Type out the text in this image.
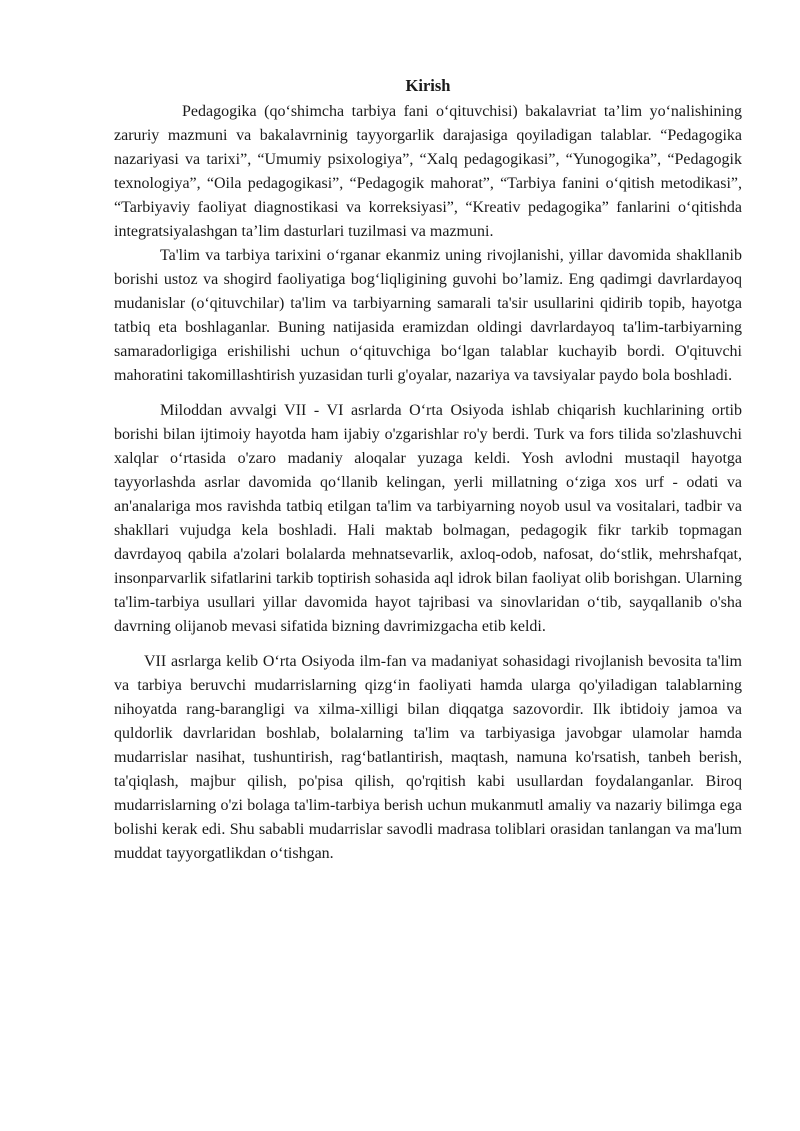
Kirish

Pedagogika (qo‘shimcha tarbiya fani o‘qituvchisi) bakalavriat ta’lim yo‘nalishining zaruriy mazmuni va bakalavrninig tayyorgarlik darajasiga qoyiladigan talablar. “Pedagogika nazariyasi va tarixi”, “Umumiy psixologiya”, “Xalq pedagogikasi”, “Yunogogika”, “Pedagogik texnologiya”, “Oila pedagogikasi”, “Pedagogik mahorat”, “Tarbiya fanini o‘qitish metodikasi”, “Tarbiyaviy faoliyat diagnostikasi va korreksiyasi”, “Kreativ pedagogika” fanlarini o‘qitishda integratsiyalashgan ta’lim dasturlari tuzilmasi va mazmuni.

Ta'lim va tarbiya tarixini o‘rganar ekanmiz uning rivojlanishi, yillar davomida shakllanib borishi ustoz va shogird faoliyatiga bog‘liqligining guvohi bo’lamiz. Eng qadimgi davrlardayoq mudanislar (o‘qituvchilar) ta'lim va tarbiyarning samarali ta'sir usullarini qidirib topib, hayotga tatbiq eta boshlaganlar. Buning natijasida eramizdan oldingi davrlardayoq ta'lim-tarbiyarning samaradorligiga erishilishi uchun o‘qituvchiga bo‘lgan talablar kuchayib bordi. O'qituvchi mahoratini takomillashtirish yuzasidan turli g'oyalar, nazariya va tavsiyalar paydo bola boshladi.

Miloddan avvalgi VII - VI asrlarda O‘rta Osiyoda ishlab chiqarish kuchlarining ortib borishi bilan ijtimoiy hayotda ham ijabiy o'zgarishlar ro'y berdi. Turk va fors tilida so'zlashuvchi xalqlar o‘rtasida o'zaro madaniy aloqalar yuzaga keldi. Yosh avlodni mustaqil hayotga tayyorlashda asrlar davomida qo‘llanib kelingan, yerli millatning o‘ziga xos urf - odati va an'analariga mos ravishda tatbiq etilgan ta'lim va tarbiyarning noyob usul va vositalari, tadbir va shakllari vujudga kela boshladi. Hali maktab bolmagan, pedagogik fikr tarkib topmagan davrdayoq qabila a'zolari bolalarda mehnatsevarlik, axloq-odob, nafosat, do‘stlik, mehrshafqat, insonparvarlik sifatlarini tarkib toptirish sohasida aql idrok bilan faoliyat olib borishgan. Ularning ta'lim-tarbiya usullari yillar davomida hayot tajribasi va sinovlaridan o‘tib, sayqallanib o'sha davrning olijanob mevasi sifatida bizning davrimizgacha etib keldi.

VII asrlarga kelib O‘rta Osiyoda ilm-fan va madaniyat sohasidagi rivojlanish bevosita ta'lim va tarbiya beruvchi mudarrislarning qizg‘in faoliyati hamda ularga qo'yiladigan talablarning nihoyatda rang-barangligi va xilma-xilligi bilan diqqatga sazovordir. Ilk ibtidoiy jamoa va quldorlik davrlaridan boshlab, bolalarning ta'lim va tarbiyasiga javobgar ulamolar hamda mudarrislar nasihat, tushuntirish, rag‘batlantirish, maqtash, namuna ko'rsatish, tanbeh berish, ta'qiqlash, majbur qilish, po'pisa qilish, qo'rqitish kabi usullardan foydalanganlar. Biroq mudarrislarning o'zi bolaga ta'lim-tarbiya berish uchun mukanmutl amaliy va nazariy bilimga ega bolishi kerak edi. Shu sababli mudarrislar savodli madrasa toliblari orasidan tanlangan va ma'lum muddat tayyorgatlikdan o‘tishgan.
